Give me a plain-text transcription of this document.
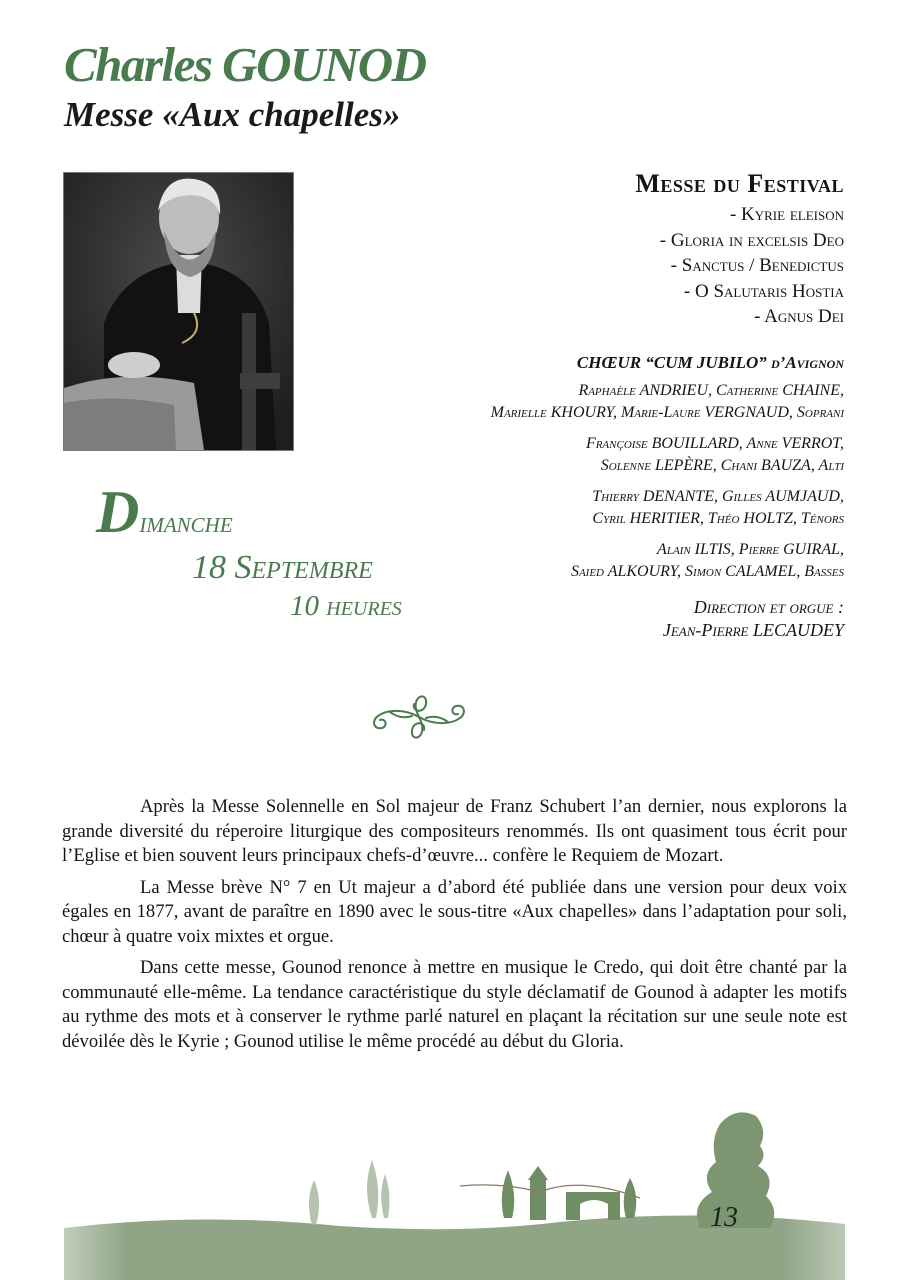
Charles GOUNOD
Messe «Aux chapelles»
Messe du Festival
- Kyrie eleison
- Gloria in excelsis Deo
- Sanctus / Benedictus
- O Salutaris Hostia
- Agnus Dei
CHŒUR “CUM JUBILO” d’Avignon
Raphaèle ANDRIEU, Catherine CHAINE,
Marielle KHOURY, Marie-Laure VERGNAUD, Soprani
Françoise BOUILLARD, Anne VERROT,
Solenne LEPÈRE, Chani BAUZA, Alti
Thierry DENANTE, Gilles AUMJAUD,
Cyril HERITIER, Théo HOLTZ, Ténors
Alain ILTIS, Pierre GUIRAL,
Saied ALKOURY, Simon CALAMEL, Basses
Direction et orgue :
Jean-Pierre LECAUDEY
Dimanche
18 Septembre
10 heures

Après la Messe Solennelle en Sol majeur de Franz Schubert l’an dernier, nous explorons la grande diversité du réperoire liturgique des compositeurs renommés. Ils ont quasiment tous écrit pour l’Eglise et bien souvent leurs principaux chefs-d’œuvre... confère le Requiem de Mozart.

La Messe brève N° 7 en Ut majeur a d’abord été publiée dans une version pour deux voix égales en 1877, avant de paraître en 1890 avec le sous-titre «Aux chapelles» dans l’adaptation pour soli, chœur à quatre voix mixtes et orgue.

Dans cette messe, Gounod renonce à mettre en musique le Credo, qui doit être chanté par la communauté elle-même. La tendance caractéristique du style déclamatif de Gounod à adapter les motifs au rythme des mots et à conserver le rythme parlé naturel en plaçant la récitation sur une seule note est dévoilée dès le Kyrie ; Gounod utilise le même procédé au début du Gloria.

13
